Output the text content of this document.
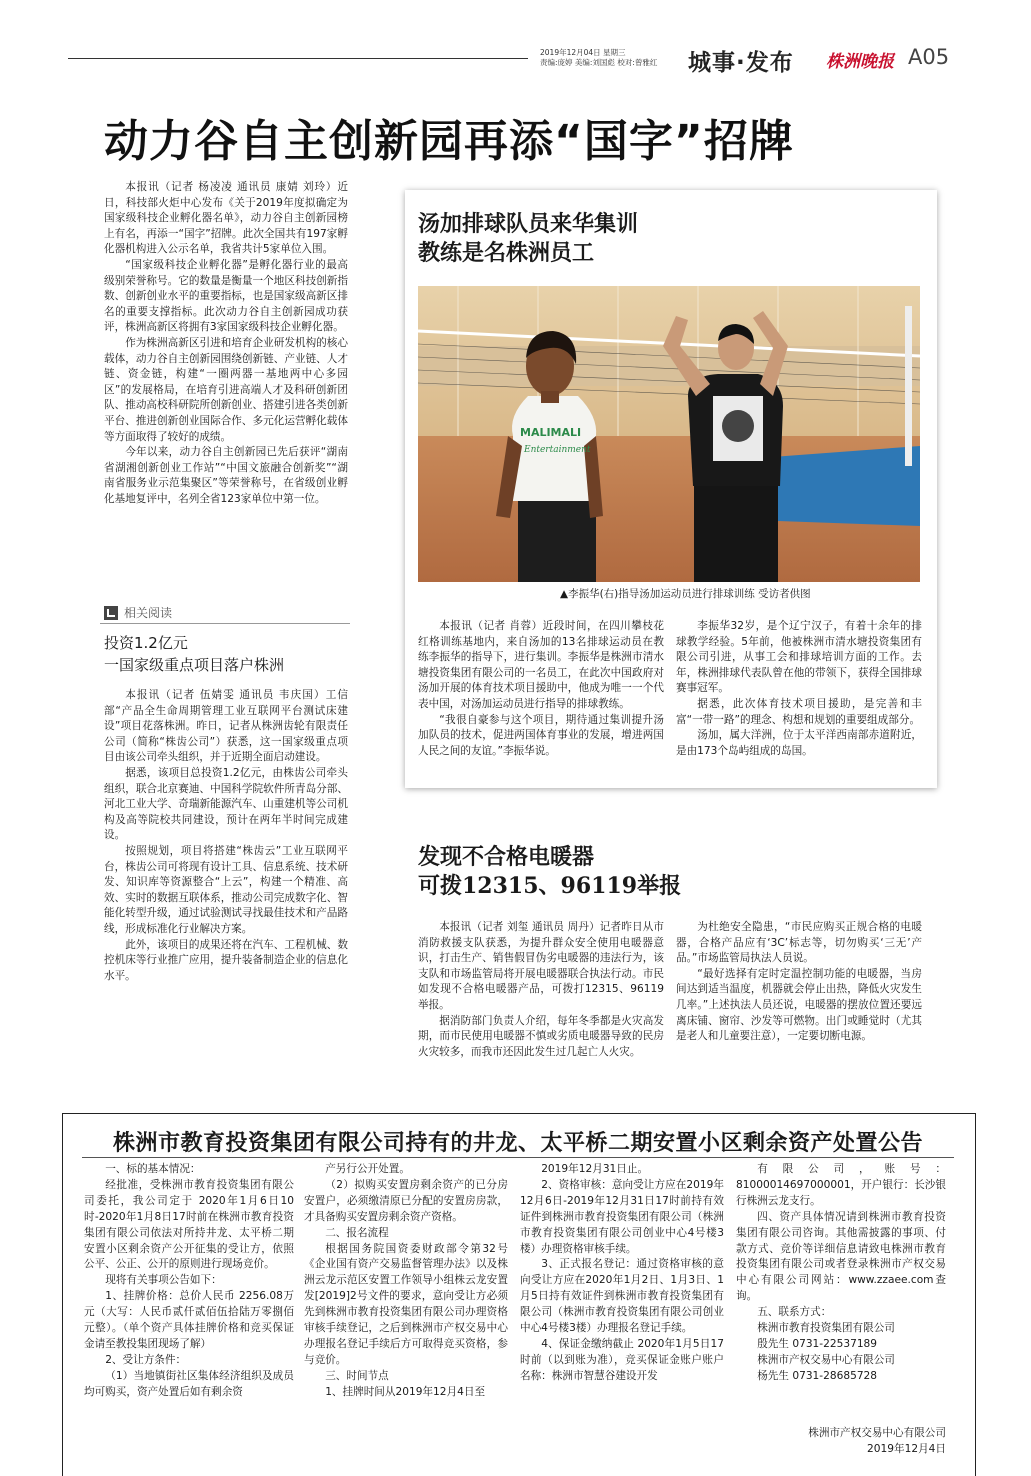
2019年12月04日 星期三
责编:庞婷 美编:刘国彪 校对:曾雅红 城事·发布 株洲晚报 A05
动力谷自主创新园再添“国字”招牌

本报讯（记者 杨凌凌 通讯员 康婧 刘玲）近日，科技部火炬中心发布《关于2019年度拟确定为国家级科技企业孵化器名单》，动力谷自主创新园榜上有名，再添一“国字”招牌。此次全国共有197家孵化器机构进入公示名单，我省共计5家单位入围。

“国家级科技企业孵化器”是孵化器行业的最高级别荣誉称号。它的数量是衡量一个地区科技创新指数、创新创业水平的重要指标，也是国家级高新区排名的重要支撑指标。此次动力谷自主创新园成功获评，株洲高新区将拥有3家国家级科技企业孵化器。

作为株洲高新区引进和培育企业研发机构的核心载体，动力谷自主创新园围绕创新链、产业链、人才链、资金链，构建“一圈两器一基地两中心多园区”的发展格局，在培育引进高端人才及科研创新团队、推动高校科研院所创新创业、搭建引进各类创新平台、推进创新创业国际合作、多元化运营孵化载体等方面取得了较好的成绩。

今年以来，动力谷自主创新园已先后获评“湖南省湖湘创新创业工作站”“中国文旅融合创新奖”“湖南省服务业示范集聚区”等荣誉称号，在省级创业孵化基地复评中，名列全省123家单位中第一位。

相关阅读
投资1.2亿元
一国家级重点项目落户株洲

本报讯（记者 伍婧雯 通讯员 韦庆国）工信部“产品全生命周期管理工业互联网平台测试床建设”项目花落株洲。昨日，记者从株洲齿轮有限责任公司（简称“株齿公司”）获悉，这一国家级重点项目由该公司牵头组织，并于近期全面启动建设。

据悉，该项目总投资1.2亿元，由株齿公司牵头组织，联合北京赛迪、中国科学院软件所青岛分部、河北工业大学、奇瑞新能源汽车、山重建机等公司机构及高等院校共同建设，预计在两年半时间完成建设。

按照规划，项目将搭建“株齿云”工业互联网平台，株齿公司可将现有设计工具、信息系统、技术研发、知识库等资源整合“上云”，构建一个精准、高效、实时的数据互联体系，推动公司完成数字化、智能化转型升级，通过试验测试寻找最佳技术和产品路线，形成标准化行业解决方案。

此外，该项目的成果还将在汽车、工程机械、数控机床等行业推广应用，提升装备制造企业的信息化水平。

汤加排球队员来华集训
教练是名株洲员工
MALIMALI
Entertainment
▲李振华(右)指导汤加运动员进行排球训练 受访者供图

本报讯（记者 肖蓉）近段时间，在四川攀枝花红格训练基地内，来自汤加的13名排球运动员在教练李振华的指导下，进行集训。李振华是株洲市清水塘投资集团有限公司的一名员工，在此次中国政府对汤加开展的体育技术项目援助中，他成为唯一一个代表中国，对汤加运动员进行指导的排球教练。

“我很自豪参与这个项目，期待通过集训提升汤加队员的技术，促进两国体育事业的发展，增进两国人民之间的友谊。”李振华说。

李振华32岁，是个辽宁汉子，有着十余年的排球教学经验。5年前，他被株洲市清水塘投资集团有限公司引进，从事工会和排球培训方面的工作。去年，株洲排球代表队曾在他的带领下，获得全国排球赛事冠军。

据悉，此次体育技术项目援助，是完善和丰富“一带一路”的理念、构想和规划的重要组成部分。

汤加，属大洋洲，位于太平洋西南部赤道附近，是由173个岛屿组成的岛国。

发现不合格电暖器
可拨12315、96119举报

本报讯（记者 刘玺 通讯员 周丹）记者昨日从市消防救援支队获悉，为提升群众安全使用电暖器意识，打击生产、销售假冒伪劣电暖器的违法行为，该支队和市场监管局将开展电暖器联合执法行动。市民如发现不合格电暖器产品，可拨打12315、96119举报。

据消防部门负责人介绍，每年冬季都是火灾高发期，而市民使用电暖器不慎或劣质电暖器导致的民房火灾较多，而我市还因此发生过几起亡人火灾。

为杜绝安全隐患，“市民应购买正规合格的电暖器，合格产品应有‘3C’标志等，切勿购买‘三无’产品。”市场监管局执法人员说。

“最好选择有定时定温控制功能的电暖器，当房间达到适当温度，机器就会停止出热，降低火灾发生几率。”上述执法人员还说，电暖器的摆放位置还要远离床铺、窗帘、沙发等可燃物。出门或睡觉时（尤其是老人和儿童要注意），一定要切断电源。

株洲市教育投资集团有限公司持有的井龙、太平桥二期安置小区剩余资产处置公告

一、标的基本情况：

经批准，受株洲市教育投资集团有限公司委托，我公司定于 2020年1月6日10 时-2020年1月8日17时前在株洲市教育投资集团有限公司依法对所持井龙、太平桥二期安置小区剩余资产公开征集的受让方，依照公平、公正、公开的原则进行现场竞价。

现将有关事项公告如下：

1、挂牌价格：总价人民币 2256.08万元（大写：人民币贰仟贰佰伍拾陆万零捌佰元整）。（单个资产具体挂牌价格和竞买保证金请至教投集团现场了解）

2、受让方条件：

（1）当地镇街社区集体经济组织及成员均可购买，资产处置后如有剩余资

产另行公开处置。

（2）拟购买安置房剩余资产的已分房安置户，必须缴清原已分配的安置房房款，才具备购买安置房剩余资产资格。

二、报名流程

根据国务院国资委财政部令第32号《企业国有资产交易监督管理办法》以及株洲云龙示范区安置工作领导小组株云龙安置发[2019]2号文件的要求，意向受让方必须先到株洲市教育投资集团有限公司办理资格审核手续登记，之后到株洲市产权交易中心办理报名登记手续后方可取得竞买资格，参与竞价。

三、时间节点

1、挂牌时间从2019年12月4日至

2019年12月31日止。

2、资格审核：意向受让方应在2019年12月6日-2019年12月31日17时前持有效证件到株洲市教育投资集团有限公司（株洲市教育投资集团有限公司创业中心4号楼3楼）办理资格审核手续。

3、正式报名登记：通过资格审核的意向受让方应在2020年1月2日、1月3日、1月5日持有效证件到株洲市教育投资集团有限公司（株洲市教育投资集团有限公司创业中心4号楼3楼）办理报名登记手续。

4、保证金缴纳截止 2020年1月5日17时前（以到账为准），竞买保证金账户账户名称：株洲市智慧谷建设开发

有限公司，账号：81000014697000001，开户银行：长沙银行株洲云龙支行。

四、资产具体情况请到株洲市教育投资集团有限公司咨询。其他需披露的事项、付款方式、竞价等详细信息请致电株洲市教育投资集团有限公司或者登录株洲市产权交易中心有限公司网站：www.zzaee.com查询。

五、联系方式：

株洲市教育投资集团有限公司

殷先生 0731-22537189

株洲市产权交易中心有限公司

杨先生 0731-28685728

株洲市产权交易中心有限公司
2019年12月4日
